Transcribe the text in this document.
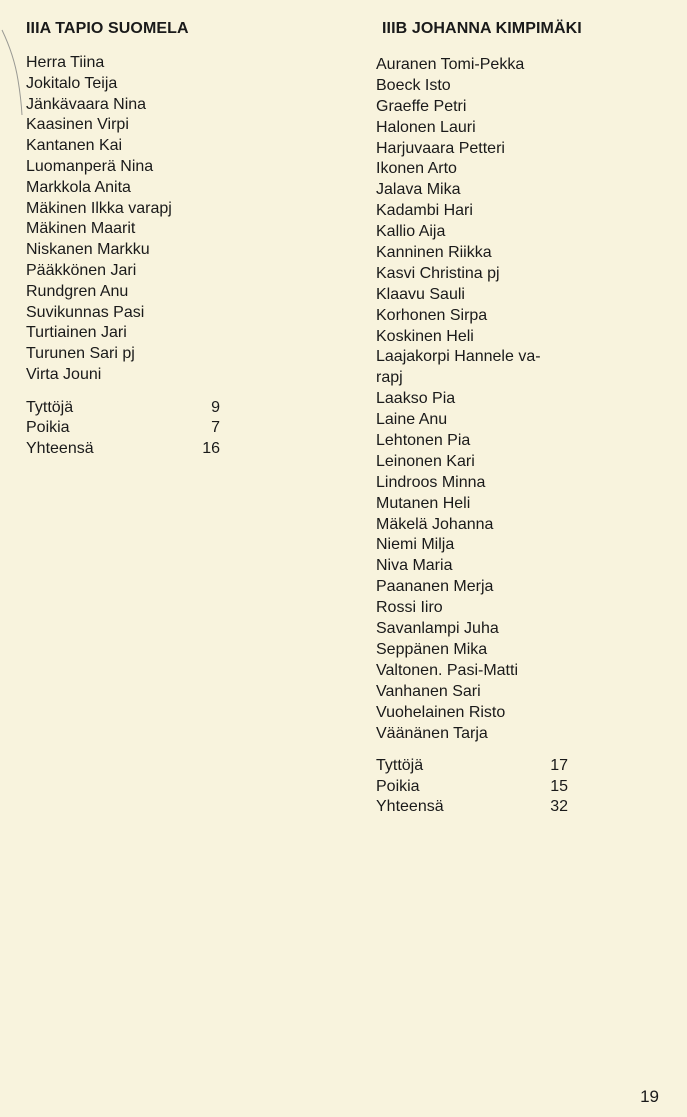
IIIA TAPIO SUOMELA
Herra Tiina
Jokitalo Teija
Jänkävaara Nina
Kaasinen Virpi
Kantanen Kai
Luomanperä Nina
Markkola Anita
Mäkinen Ilkka varapj
Mäkinen Maarit
Niskanen Markku
Pääkkönen Jari
Rundgren Anu
Suvikunnas Pasi
Turtiainen Jari
Turunen Sari pj
Virta Jouni
Tyttöjä	9
Poikia	7
Yhteensä	16
IIIB JOHANNA KIMPIMÄKI
Auranen Tomi-Pekka
Boeck Isto
Graeffe Petri
Halonen Lauri
Harjuvaara Petteri
Ikonen Arto
Jalava Mika
Kadambi Hari
Kallio Aija
Kanninen Riikka
Kasvi Christina pj
Klaavu Sauli
Korhonen Sirpa
Koskinen Heli
Laajakorpi Hannele va-
rapj
Laakso Pia
Laine Anu
Lehtonen Pia
Leinonen Kari
Lindroos Minna
Mutanen Heli
Mäkelä Johanna
Niemi Milja
Niva Maria
Paananen Merja
Rossi Iiro
Savanlampi Juha
Seppänen Mika
Valtonen. Pasi-Matti
Vanhanen Sari
Vuohelainen Risto
Väänänen Tarja
Tyttöjä	17
Poikia	15
Yhteensä	32
19
